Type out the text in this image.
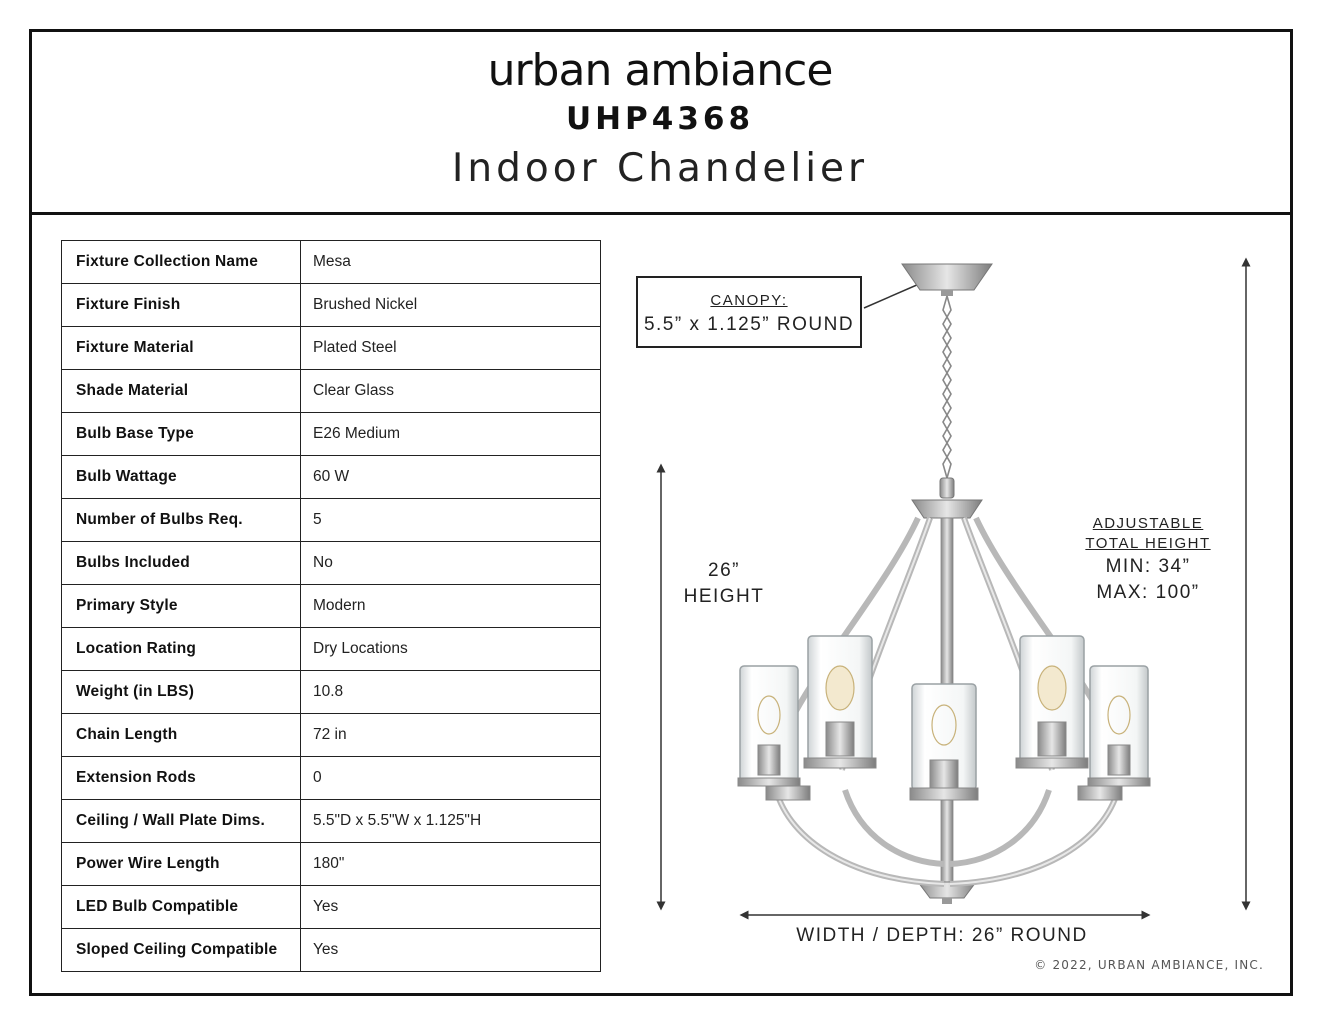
urban ambiance
UHP4368
Indoor Chandelier
Fixture Collection Name	Mesa
Fixture Finish	Brushed Nickel
Fixture Material	Plated Steel
Shade Material	Clear Glass
Bulb Base Type	E26 Medium
Bulb Wattage	60 W
Number of Bulbs Req.	5
Bulbs Included	No
Primary Style	Modern
Location Rating	Dry Locations
Weight (in LBS)	10.8
Chain Length	72 in
Extension Rods	0
Ceiling / Wall Plate Dims.	5.5"D x 5.5"W x 1.125"H
Power Wire Length	180"
LED Bulb Compatible	Yes
Sloped Ceiling Compatible	Yes
CANOPY:
5.5” x 1.125” ROUND
26”
HEIGHT
ADJUSTABLE
TOTAL HEIGHT
MIN: 34”
MAX: 100”
WIDTH / DEPTH: 26” ROUND
© 2022, URBAN AMBIANCE, INC.
